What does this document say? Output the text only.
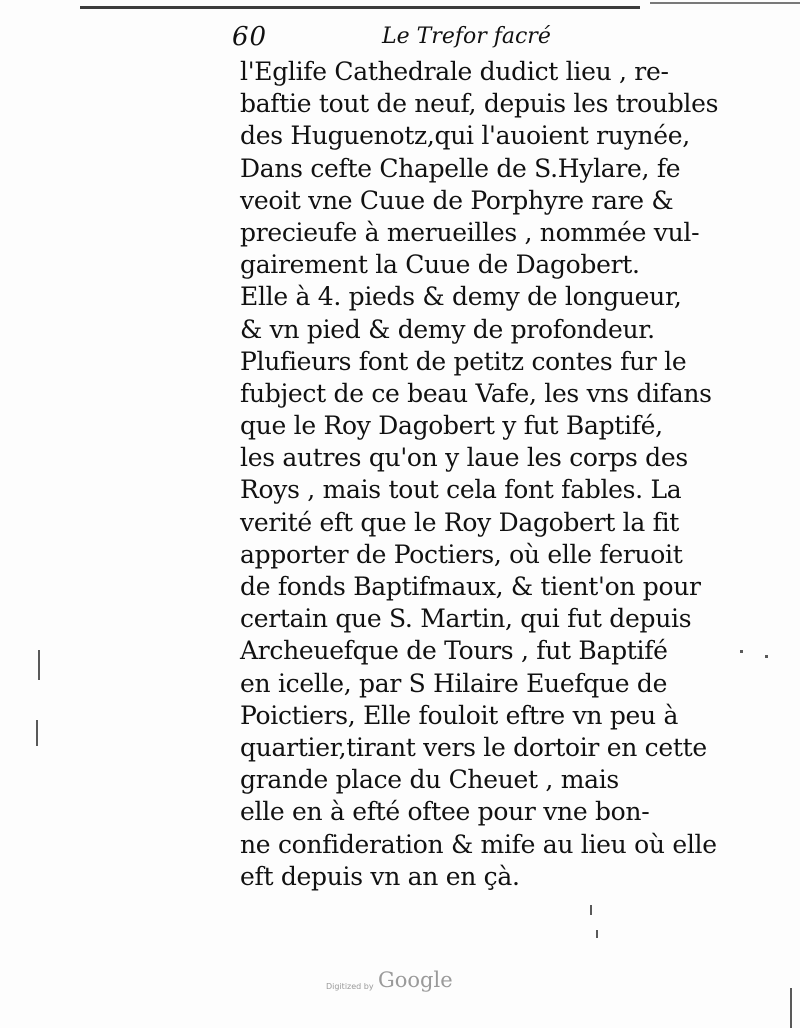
60	Le Trefor facré
l'Eglife Cathedrale dudict lieu , re-
baftie tout de neuf, depuis les troubles
des Huguenotz,qui l'auoient ruynée,
Dans cefte Chapelle de S.Hylare, fe
veoit vne Cuue de Porphyre rare &
precieufe à merueilles , nommée vul-
gairement la Cuue de Dagobert.
Elle à 4. pieds & demy de longueur,
& vn pied & demy de profondeur.
Plufieurs font de petitz contes fur le
fubject de ce beau Vafe, les vns difans
que le Roy Dagobert y fut Baptifé,
les autres qu'on y laue les corps des
Roys , mais tout cela font fables. La
verité eft que le Roy Dagobert la fit
apporter de Poctiers, où elle feruoit
de fonds Baptifmaux, & tient'on pour
certain que S. Martin, qui fut depuis
Archeuefque de Tours , fut Baptifé
en icelle, par S Hilaire Euefque de
Poictiers, Elle fouloit eftre vn peu à
quartier,tirant vers le dortoir en cette
grande place du Cheuet , mais
elle en à efté oftee pour vne bon-
ne confideration & mife au lieu où elle
eft depuis vn an en çà.
Digitized by Google
